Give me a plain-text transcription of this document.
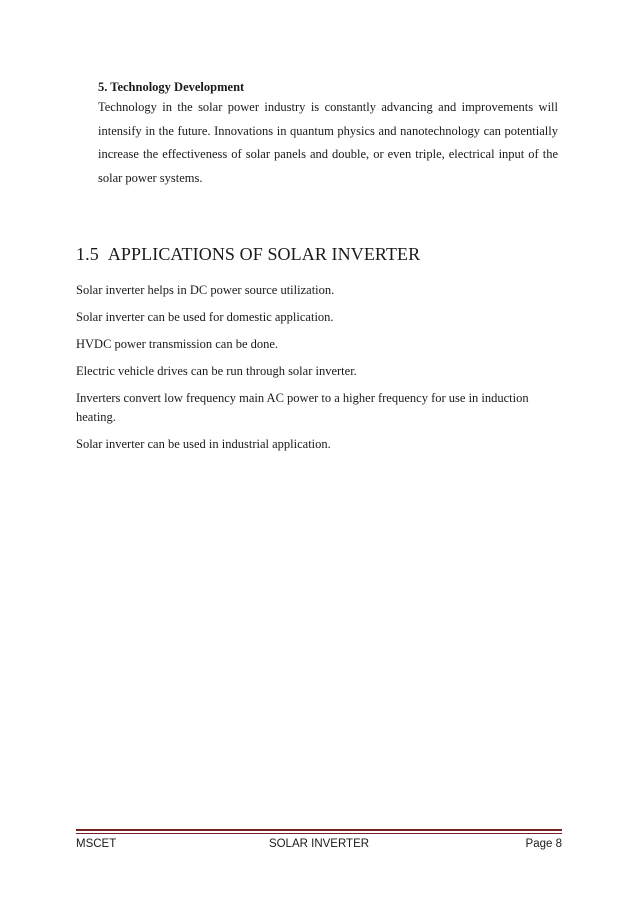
5. Technology Development

Technology in the solar power industry is constantly advancing and improvements will intensify in the future. Innovations in quantum physics and nanotechnology can potentially increase the effectiveness of solar panels and double, or even triple, electrical input of the solar power systems.

1.5 APPLICATIONS OF SOLAR INVERTER
Solar inverter helps in DC power source utilization.
Solar inverter can be used for domestic application.
HVDC power transmission can be done.
Electric vehicle drives can be run through solar inverter.
Inverters convert low frequency main AC power to a higher frequency for use in induction heating.
Solar inverter can be used in industrial application.
MSCET	SOLAR INVERTER	Page 8
